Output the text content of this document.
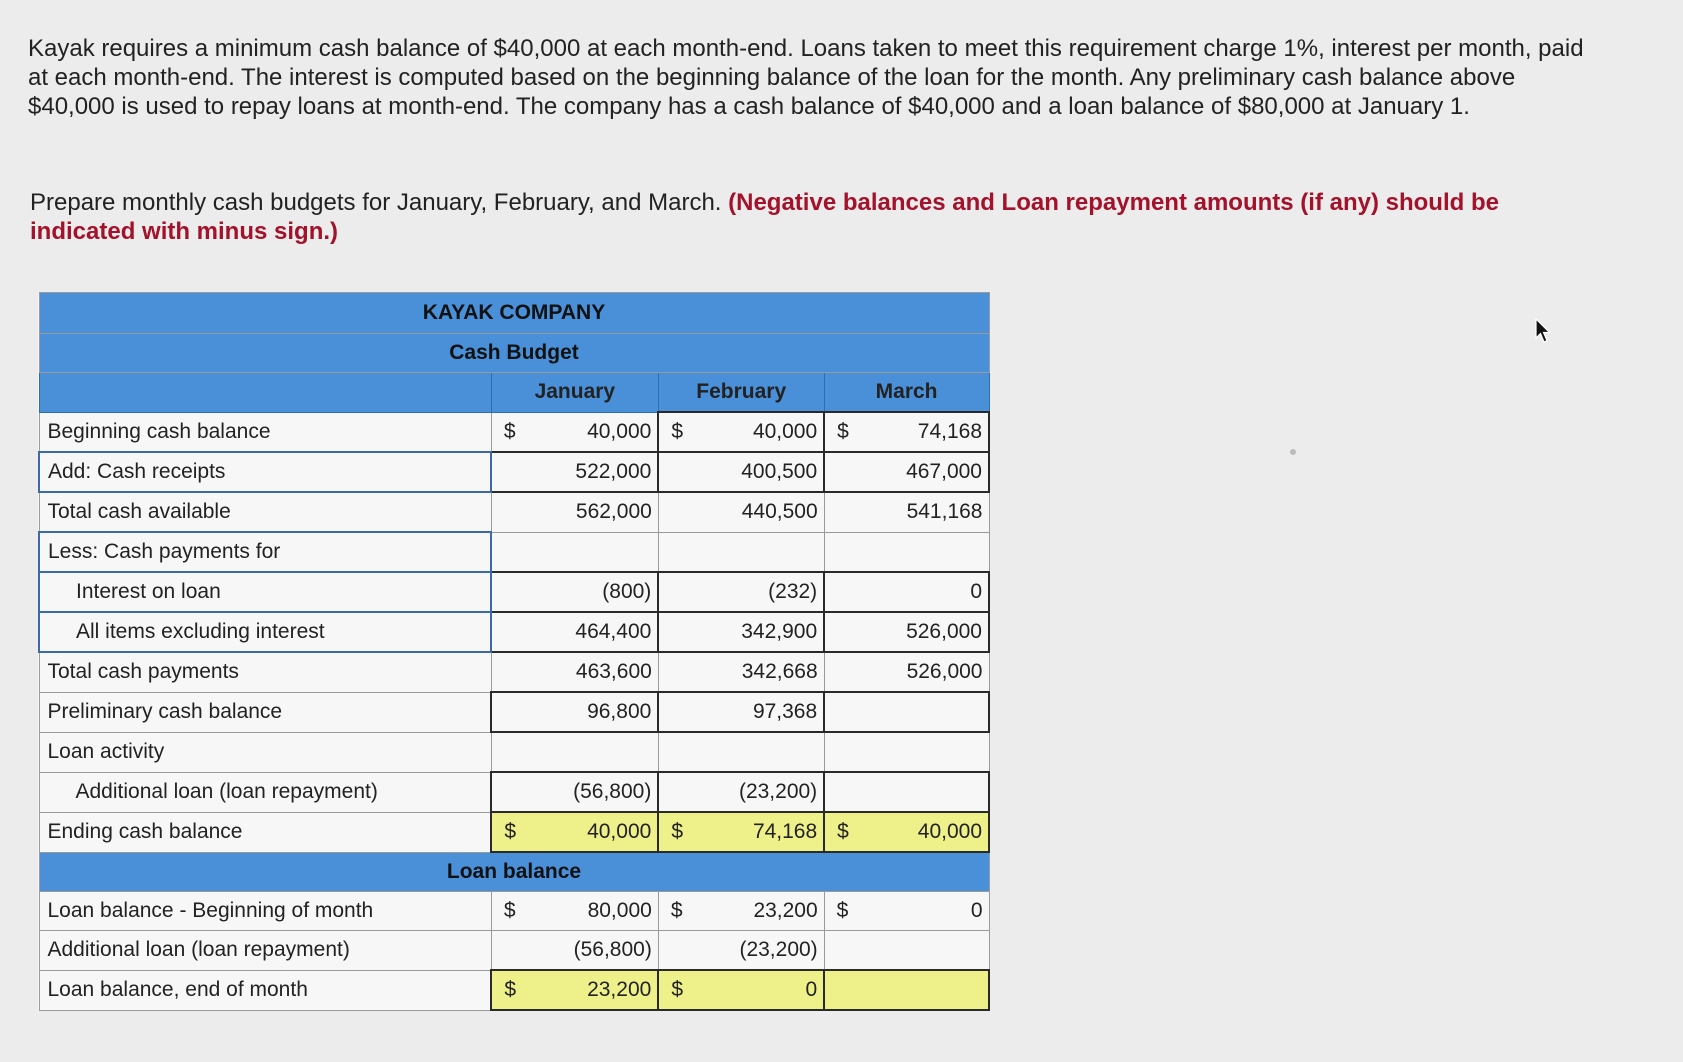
Kayak requires a minimum cash balance of $40,000 at each month-end. Loans taken to meet this requirement charge 1%, interest per month, paid at each month-end. The interest is computed based on the beginning balance of the loan for the month. Any preliminary cash balance above $40,000 is used to repay loans at month-end. The company has a cash balance of $40,000 and a loan balance of $80,000 at January 1.

Prepare monthly cash budgets for January, February, and March. (Negative balances and Loan repayment amounts (if any) should be indicated with minus sign.)

KAYAK COMPANY			
Cash Budget			
	January	February	March
Beginning cash balance	$ 40,000	$ 40,000	$ 74,168

Add: Cash receipts	522,000	400,500	467,000

Total cash available	562,000	440,500	541,168

Less: Cash payments for			
Interest on loan	(800)	(232)	0

All items excluding interest	464,400	342,900	526,000

Total cash payments	463,600	342,668	526,000

Preliminary cash balance	96,800	97,368	

Loan activity			
Additional loan (loan repayment)	(56,800)	(23,200)	

Ending cash balance	$ 40,000	$ 74,168	$ 40,000

Loan balance			
Loan balance - Beginning of month	$ 80,000	$ 23,200	$ 0

Additional loan (loan repayment)	(56,800)	(23,200)	

Loan balance, end of month	$ 23,200	$ 0	
